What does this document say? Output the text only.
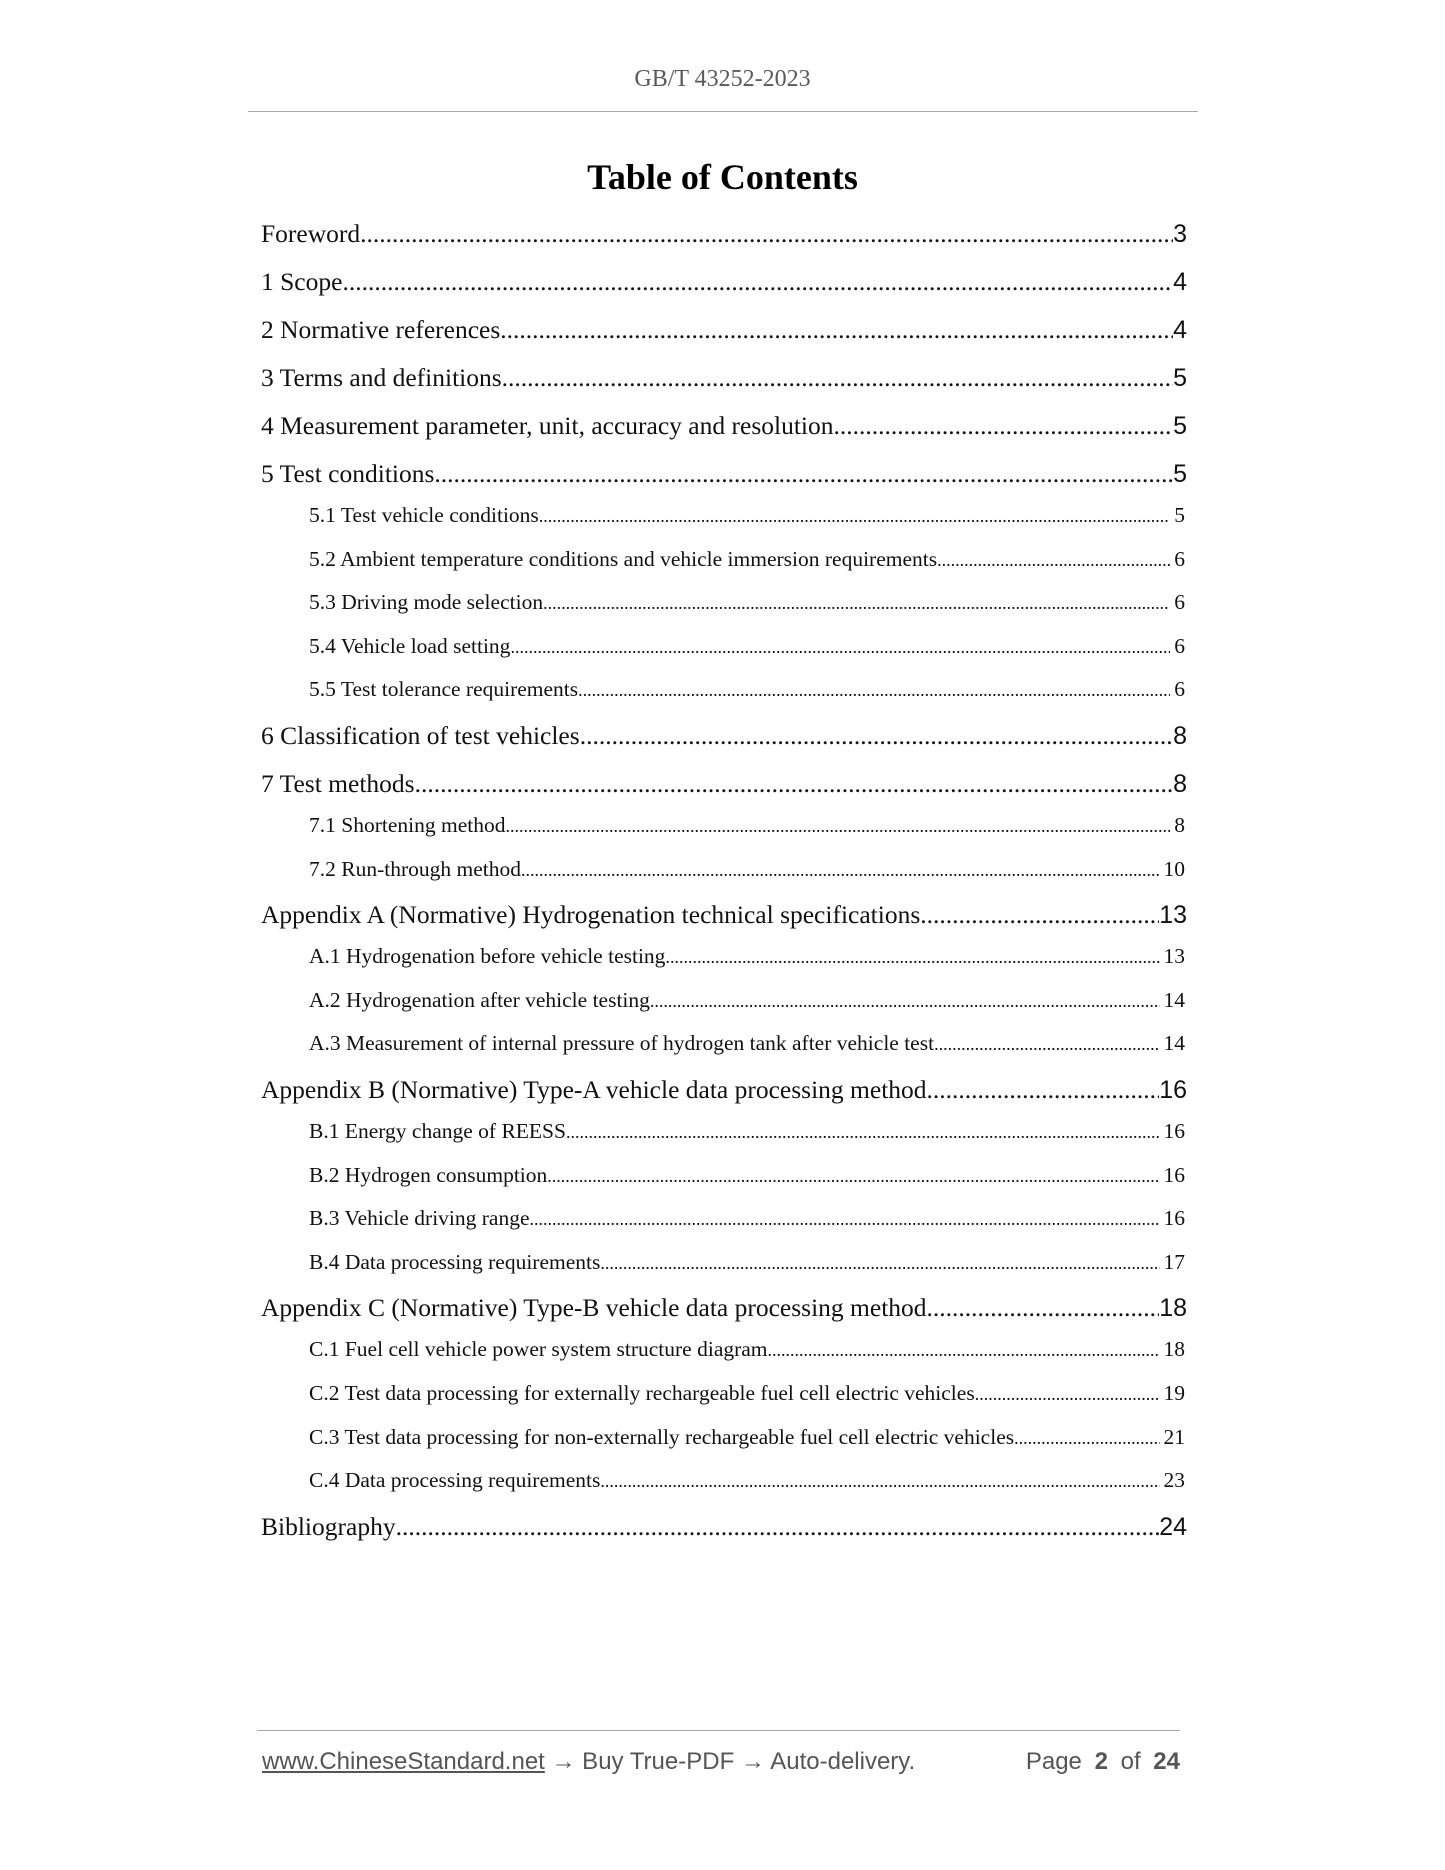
GB/T 43252-2023
Table of Contents
Foreword .....	3
1 Scope .....	4
2 Normative references .....	4
3 Terms and definitions .....	5
4 Measurement parameter, unit, accuracy and resolution .....	5
5 Test conditions .....	5
5.1 Test vehicle conditions .....	5
5.2 Ambient temperature conditions and vehicle immersion requirements .....	6
5.3 Driving mode selection .....	6
5.4 Vehicle load setting .....	6
5.5 Test tolerance requirements .....	6
6 Classification of test vehicles .....	8
7 Test methods .....	8
7.1 Shortening method .....	8
7.2 Run-through method .....	10
Appendix A (Normative) Hydrogenation technical specifications .....	13
A.1 Hydrogenation before vehicle testing .....	13
A.2 Hydrogenation after vehicle testing .....	14
A.3 Measurement of internal pressure of hydrogen tank after vehicle test .....	14
Appendix B (Normative) Type-A vehicle data processing method .....	16
B.1 Energy change of REESS .....	16
B.2 Hydrogen consumption .....	16
B.3 Vehicle driving range .....	16
B.4 Data processing requirements .....	17
Appendix C (Normative) Type-B vehicle data processing method .....	18
C.1 Fuel cell vehicle power system structure diagram .....	18
C.2 Test data processing for externally rechargeable fuel cell electric vehicles .....	19
C.3 Test data processing for non-externally rechargeable fuel cell electric vehicles .....	21
C.4 Data processing requirements .....	23
Bibliography .....	24
www.ChineseStandard.net → Buy True-PDF → Auto-delivery.	Page 2 of 24
